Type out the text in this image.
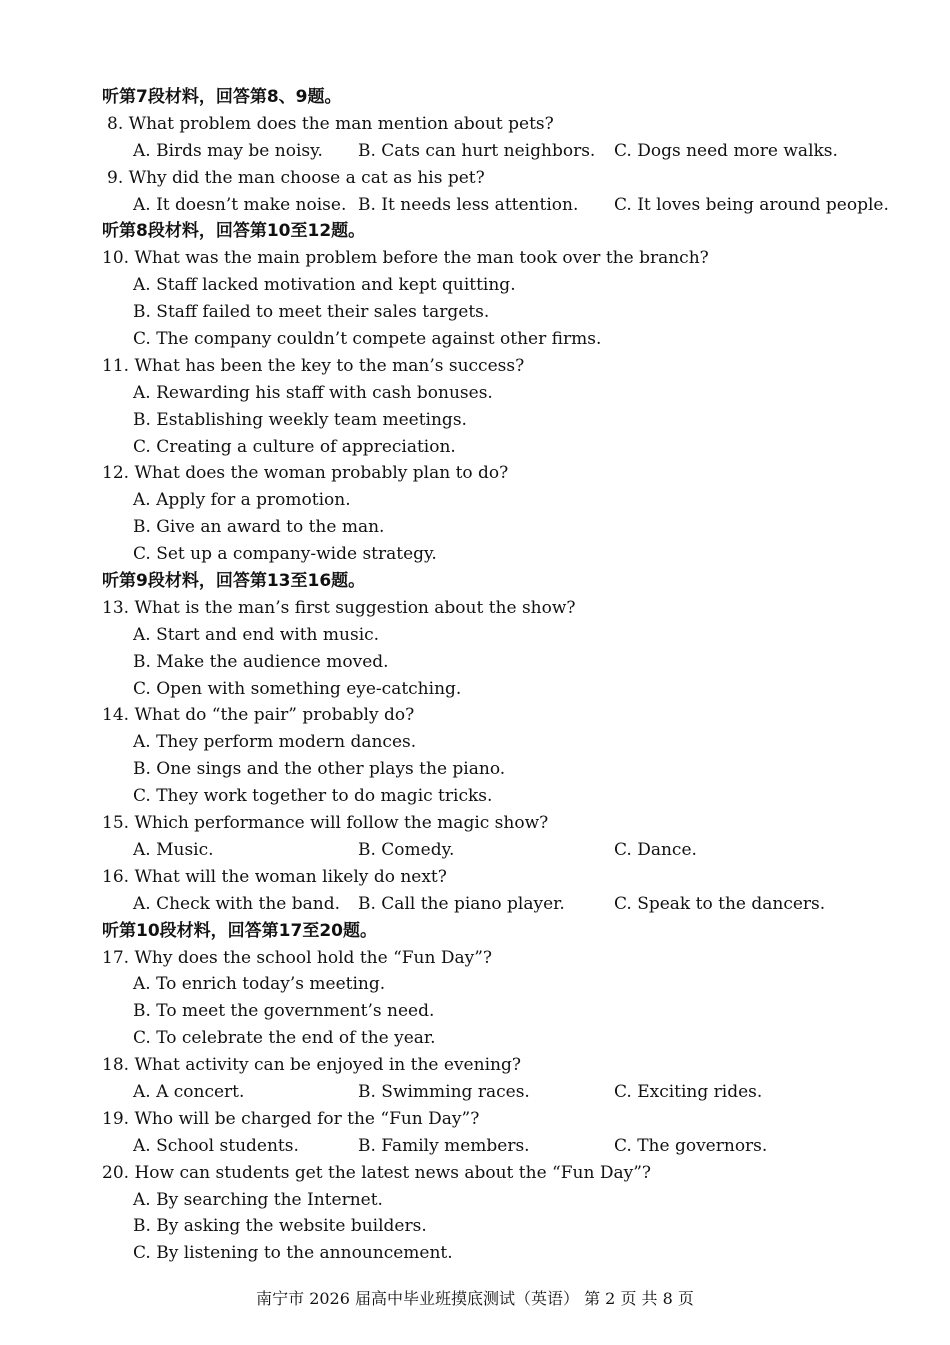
听第7段材料，回答第8、9题。
8. What problem does the man mention about pets?
A. Birds may be noisy. B. Cats can hurt neighbors. C. Dogs need more walks.
9. Why did the man choose a cat as his pet?
A. It doesn’t make noise. B. It needs less attention. C. It loves being around people.
听第8段材料，回答第10至12题。
10. What was the main problem before the man took over the branch?
A. Staff lacked motivation and kept quitting.
B. Staff failed to meet their sales targets.
C. The company couldn’t compete against other firms.
11. What has been the key to the man’s success?
A. Rewarding his staff with cash bonuses.
B. Establishing weekly team meetings.
C. Creating a culture of appreciation.
12. What does the woman probably plan to do?
A. Apply for a promotion.
B. Give an award to the man.
C. Set up a company-wide strategy.
听第9段材料，回答第13至16题。
13. What is the man’s first suggestion about the show?
A. Start and end with music.
B. Make the audience moved.
C. Open with something eye-catching.
14. What do “the pair” probably do?
A. They perform modern dances.
B. One sings and the other plays the piano.
C. They work together to do magic tricks.
15. Which performance will follow the magic show?
A. Music.	B. Comedy.	C. Dance.
16. What will the woman likely do next?
A. Check with the band. B. Call the piano player.	C. Speak to the dancers.
听第10段材料，回答第17至20题。
17. Why does the school hold the “Fun Day”?
A. To enrich today’s meeting.
B. To meet the government’s need.
C. To celebrate the end of the year.
18. What activity can be enjoyed in the evening?
A. A concert.	B. Swimming races.	C. Exciting rides.
19. Who will be charged for the “Fun Day”?
A. School students.	B. Family members.	C. The governors.
20. How can students get the latest news about the “Fun Day”?
A. By searching the Internet.
B. By asking the website builders.
C. By listening to the announcement.
南宁市 2026 届高中毕业班摸底测试（英语） 第 2 页 共 8 页
